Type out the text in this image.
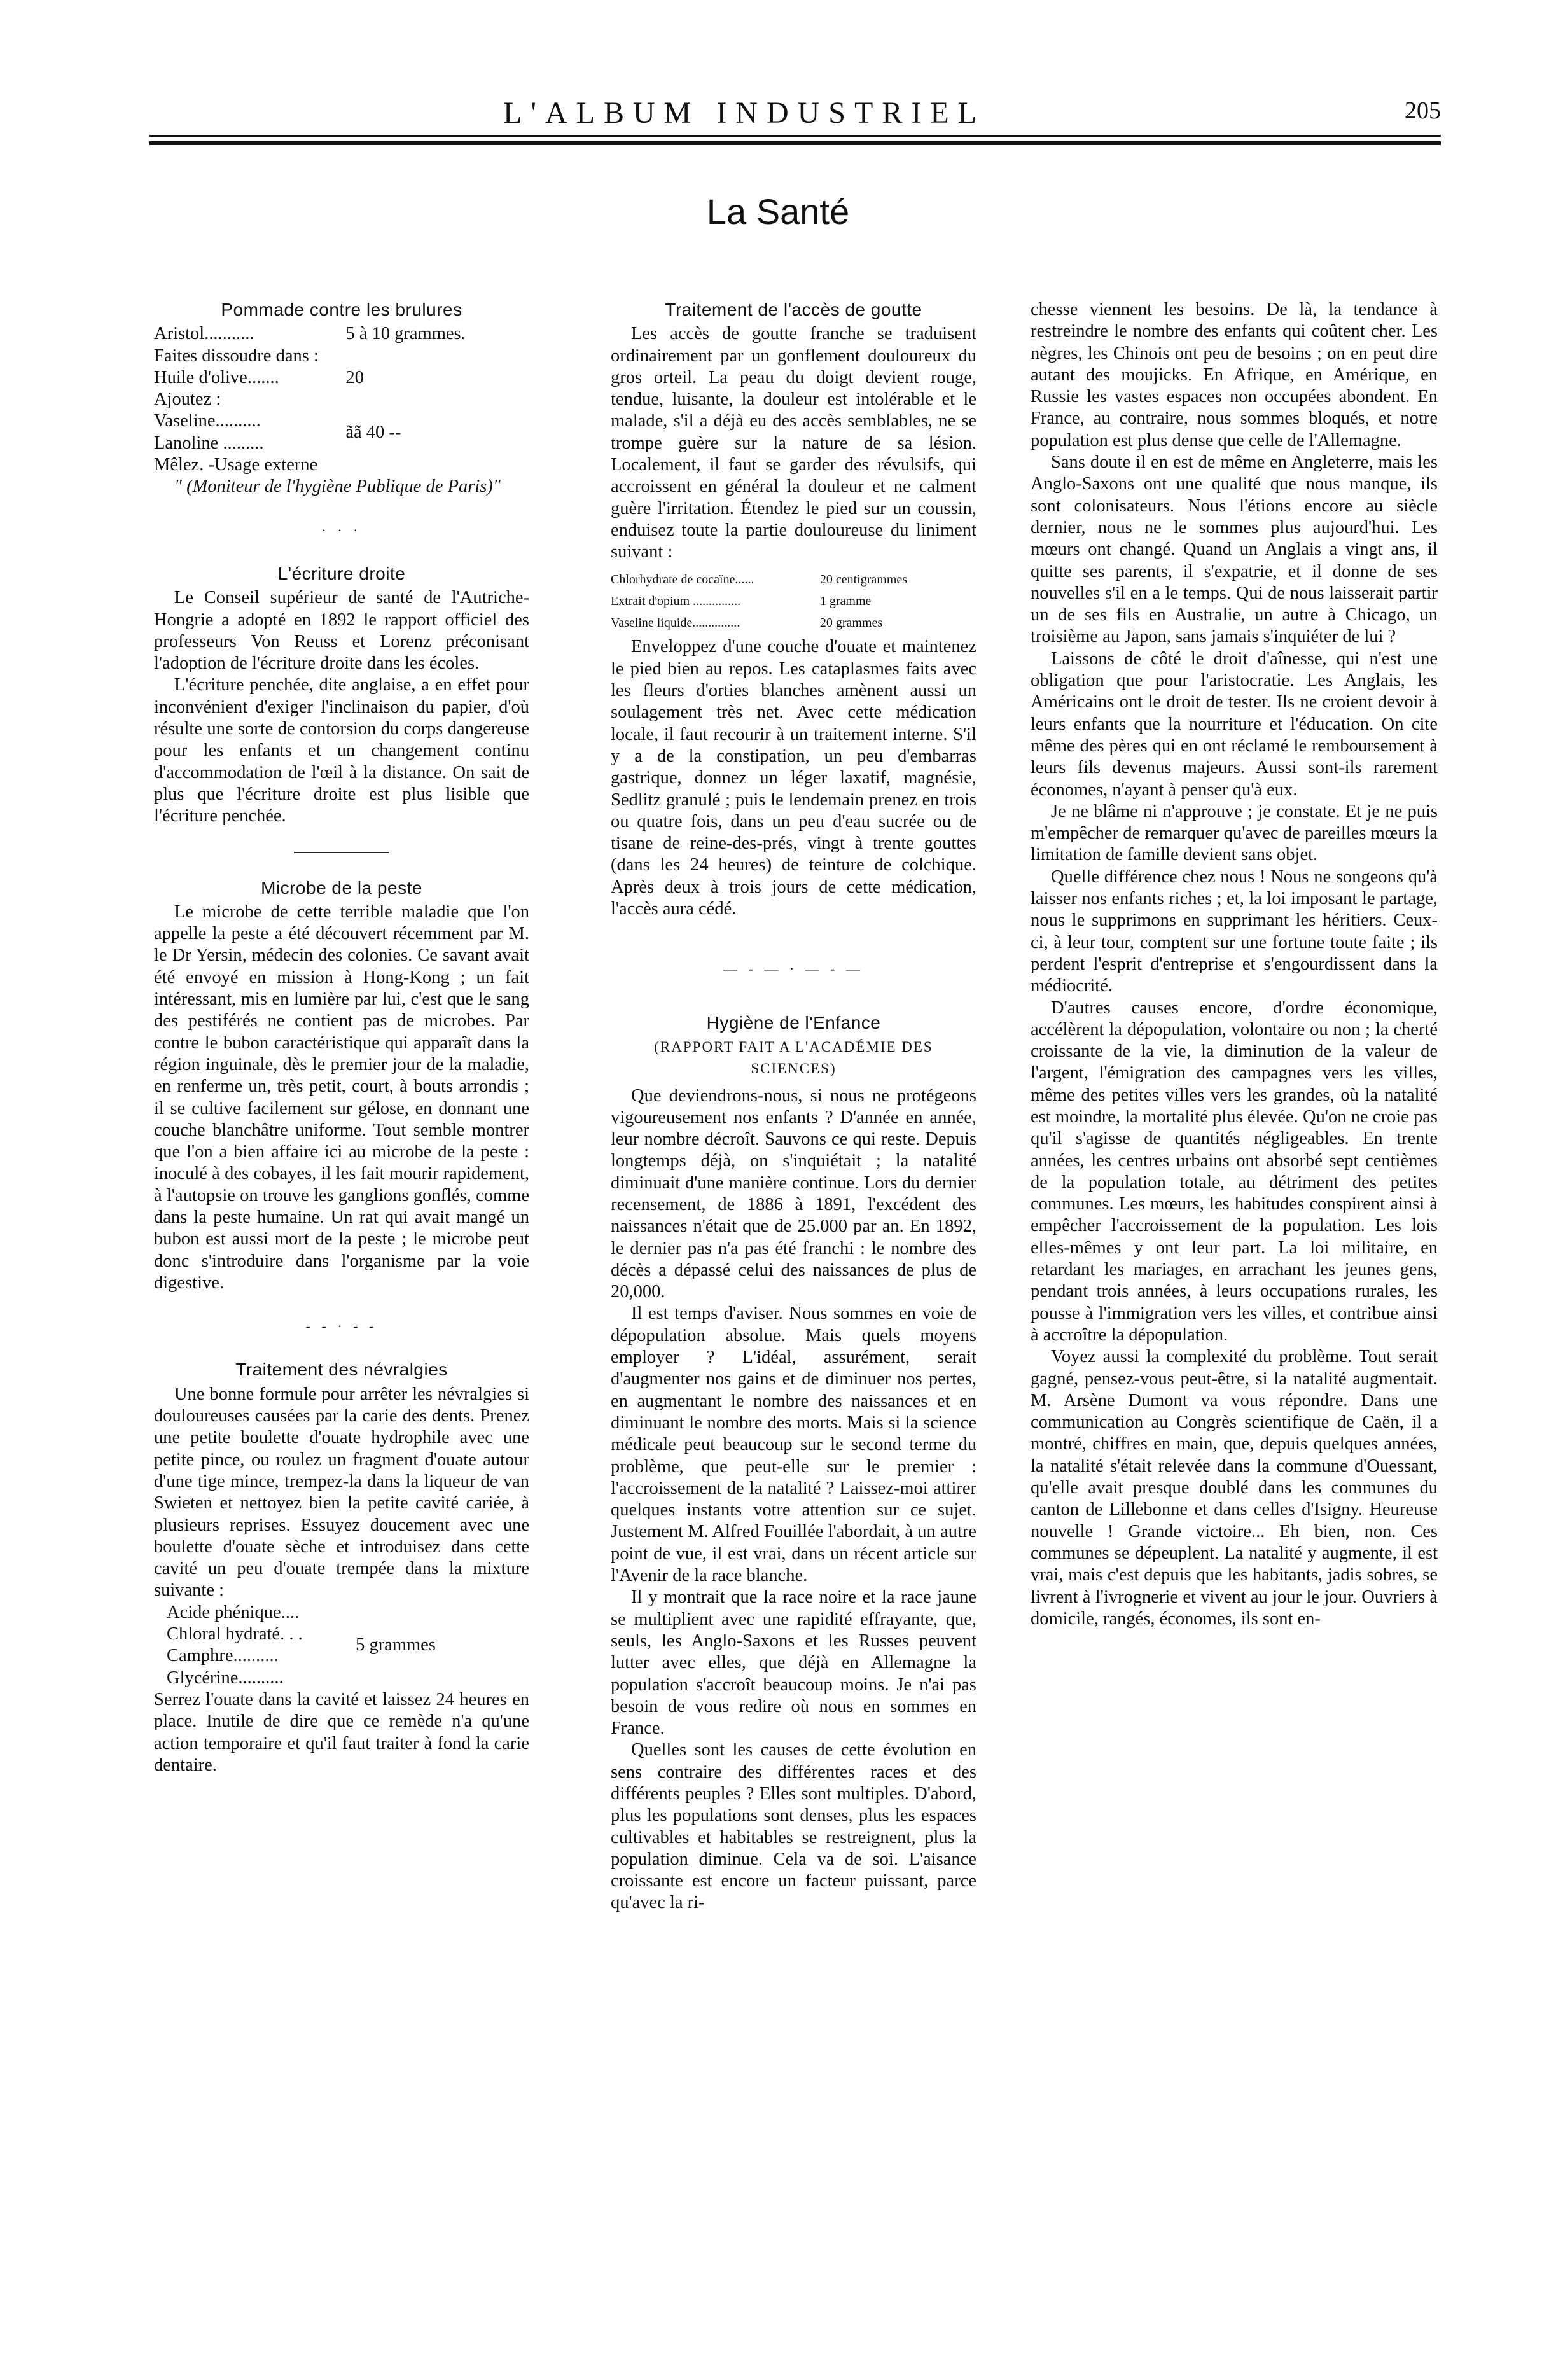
L'ALBUM INDUSTRIEL	205
La Santé
Pommade contre les brulures
Aristol...........	5 à 10 grammes.
Faites dissoudre dans :	
Huile d'olive.......	20
Ajoutez :	
Vaseline..........	ãã 40 --
Lanoline .........	

Mêlez. -Usage externe

" (Moniteur de l'hygiène Publique de Paris)"

· · ·
L'écriture droite

Le Conseil supérieur de santé de l'Autriche-Hongrie a adopté en 1892 le rapport officiel des professeurs Von Reuss et Lorenz préconisant l'adoption de l'écriture droite dans les écoles.

L'écriture penchée, dite anglaise, a en effet pour inconvénient d'exiger l'inclinaison du papier, d'où résulte une sorte de contorsion du corps dangereuse pour les enfants et un changement continu d'accommodation de l'œil à la distance. On sait de plus que l'écriture droite est plus lisible que l'écriture penchée.

Microbe de la peste

Le microbe de cette terrible maladie que l'on appelle la peste a été découvert récemment par M. le Dr Yersin, médecin des colonies. Ce savant avait été envoyé en mission à Hong-Kong ; un fait intéressant, mis en lumière par lui, c'est que le sang des pestiférés ne contient pas de microbes. Par contre le bubon caractéristique qui apparaît dans la région inguinale, dès le premier jour de la maladie, en renferme un, très petit, court, à bouts arrondis ; il se cultive facilement sur gélose, en donnant une couche blanchâtre uniforme. Tout semble montrer que l'on a bien affaire ici au microbe de la peste : inoculé à des cobayes, il les fait mourir rapidement, à l'autopsie on trouve les ganglions gonflés, comme dans la peste humaine. Un rat qui avait mangé un bubon est aussi mort de la peste ; le microbe peut donc s'introduire dans l'organisme par la voie digestive.

- - · - -
Traitement des névralgies

Une bonne formule pour arrêter les névralgies si douloureuses causées par la carie des dents. Prenez une petite boulette d'ouate hydrophile avec une petite pince, ou roulez un fragment d'ouate autour d'une tige mince, trempez-la dans la liqueur de van Swieten et nettoyez bien la petite cavité cariée, à plusieurs reprises. Essuyez doucement avec une boulette d'ouate sèche et introduisez dans cette cavité un peu d'ouate trempée dans la mixture suivante :

Acide phénique....	5 grammes
Chloral hydraté. . .
Camphre..........
Glycérine..........

Serrez l'ouate dans la cavité et laissez 24 heures en place. Inutile de dire que ce remède n'a qu'une action temporaire et qu'il faut traiter à fond la carie dentaire.

Traitement de l'accès de goutte

Les accès de goutte franche se traduisent ordinairement par un gonflement douloureux du gros orteil. La peau du doigt devient rouge, tendue, luisante, la douleur est intolérable et le malade, s'il a déjà eu des accès semblables, ne se trompe guère sur la nature de sa lésion. Localement, il faut se garder des révulsifs, qui accroissent en général la douleur et ne calment guère l'irritation. Étendez le pied sur un coussin, enduisez toute la partie douloureuse du liniment suivant :

Chlorhydrate de cocaïne......	20 centigrammes
Extrait d'opium ...............	1 gramme
Vaseline liquide...............	20 grammes

Enveloppez d'une couche d'ouate et maintenez le pied bien au repos. Les cataplasmes faits avec les fleurs d'orties blanches amènent aussi un soulagement très net. Avec cette médication locale, il faut recourir à un traitement interne. S'il y a de la constipation, un peu d'embarras gastrique, donnez un léger laxatif, magnésie, Sedlitz granulé ; puis le lendemain prenez en trois ou quatre fois, dans un peu d'eau sucrée ou de tisane de reine-des-prés, vingt à trente gouttes (dans les 24 heures) de teinture de colchique. Après deux à trois jours de cette médication, l'accès aura cédé.

— - — · — - —
Hygiène de l'Enfance
(RAPPORT FAIT A L'ACADÉMIE DES SCIENCES)

Que deviendrons-nous, si nous ne protégeons vigoureusement nos enfants ? D'année en année, leur nombre décroît. Sauvons ce qui reste. Depuis longtemps déjà, on s'inquiétait ; la natalité diminuait d'une manière continue. Lors du dernier recensement, de 1886 à 1891, l'excédent des naissances n'était que de 25.000 par an. En 1892, le dernier pas n'a pas été franchi : le nombre des décès a dépassé celui des naissances de plus de 20,000.

Il est temps d'aviser. Nous sommes en voie de dépopulation absolue. Mais quels moyens employer ? L'idéal, assurément, serait d'augmenter nos gains et de diminuer nos pertes, en augmentant le nombre des naissances et en diminuant le nombre des morts. Mais si la science médicale peut beaucoup sur le second terme du problème, que peut-elle sur le premier : l'accroissement de la natalité ? Laissez-moi attirer quelques instants votre attention sur ce sujet. Justement M. Alfred Fouillée l'abordait, à un autre point de vue, il est vrai, dans un récent article sur l'Avenir de la race blanche.

Il y montrait que la race noire et la race jaune se multiplient avec une rapidité effrayante, que, seuls, les Anglo-Saxons et les Russes peuvent lutter avec elles, que déjà en Allemagne la population s'accroît beaucoup moins. Je n'ai pas besoin de vous redire où nous en sommes en France.

Quelles sont les causes de cette évolution en sens contraire des différentes races et des différents peuples ? Elles sont multiples. D'abord, plus les populations sont denses, plus les espaces cultivables et habitables se restreignent, plus la population diminue. Cela va de soi. L'aisance croissante est encore un facteur puissant, parce qu'avec la ri-

chesse viennent les besoins. De là, la tendance à restreindre le nombre des enfants qui coûtent cher. Les nègres, les Chinois ont peu de besoins ; on en peut dire autant des moujicks. En Afrique, en Amérique, en Russie les vastes espaces non occupées abondent. En France, au contraire, nous sommes bloqués, et notre population est plus dense que celle de l'Allemagne.

Sans doute il en est de même en Angleterre, mais les Anglo-Saxons ont une qualité que nous manque, ils sont colonisateurs. Nous l'étions encore au siècle dernier, nous ne le sommes plus aujourd'hui. Les mœurs ont changé. Quand un Anglais a vingt ans, il quitte ses parents, il s'expatrie, et il donne de ses nouvelles s'il en a le temps. Qui de nous laisserait partir un de ses fils en Australie, un autre à Chicago, un troisième au Japon, sans jamais s'inquiéter de lui ?

Laissons de côté le droit d'aînesse, qui n'est une obligation que pour l'aristocratie. Les Anglais, les Américains ont le droit de tester. Ils ne croient devoir à leurs enfants que la nourriture et l'éducation. On cite même des pères qui en ont réclamé le remboursement à leurs fils devenus majeurs. Aussi sont-ils rarement économes, n'ayant à penser qu'à eux.

Je ne blâme ni n'approuve ; je constate. Et je ne puis m'empêcher de remarquer qu'avec de pareilles mœurs la limitation de famille devient sans objet.

Quelle différence chez nous ! Nous ne songeons qu'à laisser nos enfants riches ; et, la loi imposant le partage, nous le supprimons en supprimant les héritiers. Ceux-ci, à leur tour, comptent sur une fortune toute faite ; ils perdent l'esprit d'entreprise et s'engourdissent dans la médiocrité.

D'autres causes encore, d'ordre économique, accélèrent la dépopulation, volontaire ou non ; la cherté croissante de la vie, la diminution de la valeur de l'argent, l'émigration des campagnes vers les villes, même des petites villes vers les grandes, où la natalité est moindre, la mortalité plus élevée. Qu'on ne croie pas qu'il s'agisse de quantités négligeables. En trente années, les centres urbains ont absorbé sept centièmes de la population totale, au détriment des petites communes. Les mœurs, les habitudes conspirent ainsi à empêcher l'accroissement de la population. Les lois elles-mêmes y ont leur part. La loi militaire, en retardant les mariages, en arrachant les jeunes gens, pendant trois années, à leurs occupations rurales, les pousse à l'immigration vers les villes, et contribue ainsi à accroître la dépopulation.

Voyez aussi la complexité du problème. Tout serait gagné, pensez-vous peut-être, si la natalité augmentait. M. Arsène Dumont va vous répondre. Dans une communication au Congrès scientifique de Caën, il a montré, chiffres en main, que, depuis quelques années, la natalité s'était relevée dans la commune d'Ouessant, qu'elle avait presque doublé dans les communes du canton de Lillebonne et dans celles d'Isigny. Heureuse nouvelle ! Grande victoire... Eh bien, non. Ces communes se dépeuplent. La natalité y augmente, il est vrai, mais c'est depuis que les habitants, jadis sobres, se livrent à l'ivrognerie et vivent au jour le jour. Ouvriers à domicile, rangés, économes, ils sont en-
